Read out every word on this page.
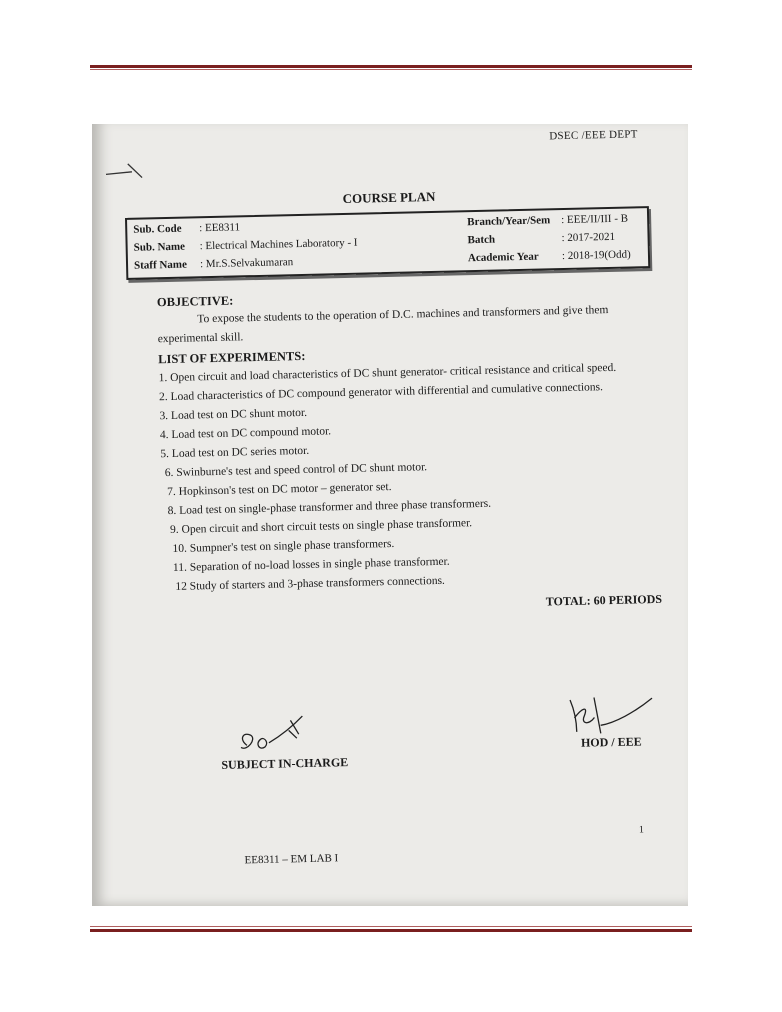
DSEC /EEE DEPT
COURSE PLAN
Sub. Code : EE8311
Sub. Name : Electrical Machines Laboratory - I
Staff Name : Mr.S.Selvakumaran
Branch/Year/Sem : EEE/II/III - B
Batch	: 2017-2021
Academic Year : 2018-19(Odd)
OBJECTIVE:
To expose the students to the operation of D.C. machines and transformers and give them
experimental skill.
LIST OF EXPERIMENTS:
1. Open circuit and load characteristics of DC shunt generator- critical resistance and critical speed.
2. Load characteristics of DC compound generator with differential and cumulative connections.
3. Load test on DC shunt motor.
4. Load test on DC compound motor.
5. Load test on DC series motor.
6. Swinburne's test and speed control of DC shunt motor.
7. Hopkinson's test on DC motor – generator set.
8. Load test on single-phase transformer and three phase transformers.
9. Open circuit and short circuit tests on single phase transformer.
10. Sumpner's test on single phase transformers.
11. Separation of no-load losses in single phase transformer.
12 Study of starters and 3-phase transformers connections.
TOTAL: 60 PERIODS
SUBJECT IN-CHARGE
HOD / EEE
1
EE8311 – EM LAB I
